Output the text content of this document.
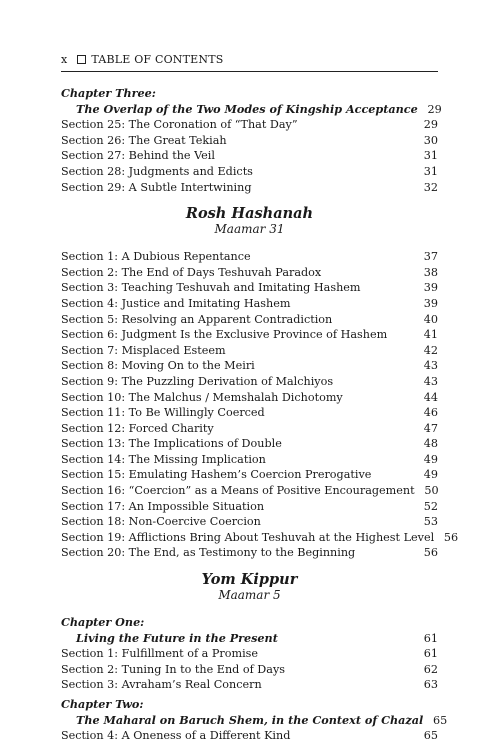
x TABLE OF CONTENTS
Chapter Three:
The Overlap of the Two Modes of Kingship Acceptance 29
Section 25: The Coronation of “That Day”	29
Section 26: The Great Tekiah	30
Section 27: Behind the Veil	31
Section 28: Judgments and Edicts	31
Section 29: A Subtle Intertwining	32
Rosh Hashanah
Maamar 31
Section 1: A Dubious Repentance	37
Section 2: The End of Days Teshuvah Paradox	38
Section 3: Teaching Teshuvah and Imitating Hashem	39
Section 4: Justice and Imitating Hashem	39
Section 5: Resolving an Apparent Contradiction	40
Section 6: Judgment Is the Exclusive Province of Hashem	41
Section 7: Misplaced Esteem	42
Section 8: Moving On to the Meiri	43
Section 9: The Puzzling Derivation of Malchiyos	43
Section 10: The Malchus / Memshalah Dichotomy	44
Section 11: To Be Willingly Coerced	46
Section 12: Forced Charity	47
Section 13: The Implications of Double	48
Section 14: The Missing Implication	49
Section 15: Emulating Hashem’s Coercion Prerogative	49
Section 16: “Coercion” as a Means of Positive Encouragement 50
Section 17: An Impossible Situation	52
Section 18: Non-Coercive Coercion	53
Section 19: Afflictions Bring About Teshuvah at the Highest Level 56
Section 20: The End, as Testimony to the Beginning	56
Yom Kippur
Maamar 5
Chapter One:
Living the Future in the Present	61
Section 1: Fulfillment of a Promise	61
Section 2: Tuning In to the End of Days	62
Section 3: Avraham’s Real Concern	63
Chapter Two:
The Maharal on Baruch Shem, in the Context of Chazal 65
Section 4: A Oneness of a Different Kind	65
